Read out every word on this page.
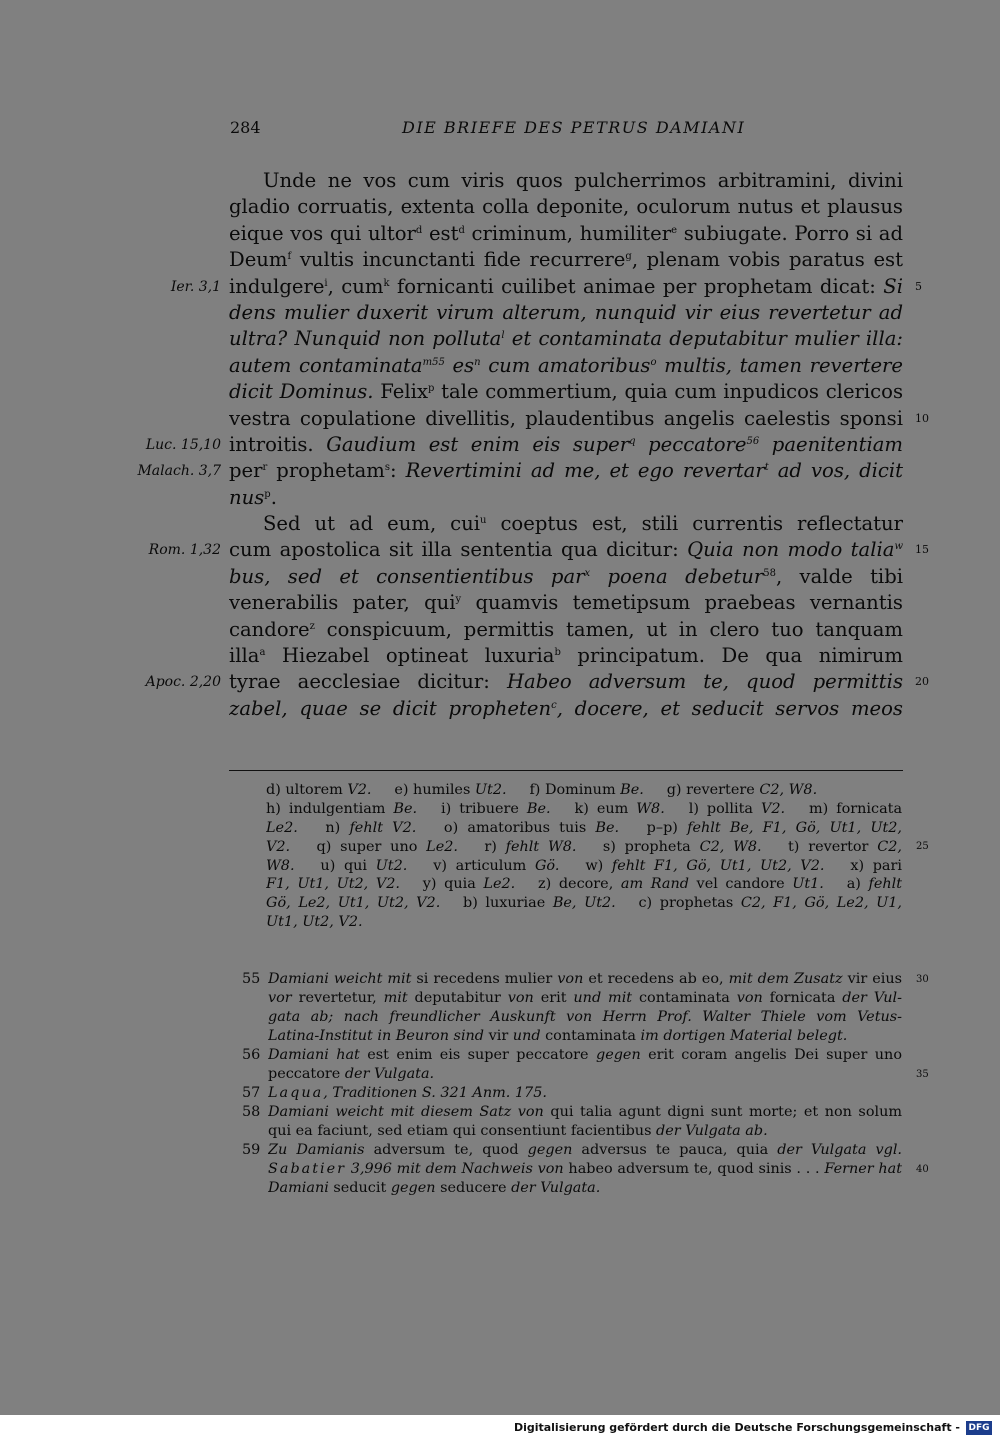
284	DIE BRIEFE DES PETRUS DAMIANI
Unde ne vos cum viris quos pulcherrimos arbitramini, divini
gladio corruatis, extenta colla deponite, oculorum nutus et plausus
eique vos qui ultor$^d$ est$^d$ criminum, humiliter$^e$ subiugate. Porro si ad
Deum$^f$ vultis incunctanti fide recurrere$^g$, plenam vobis paratus est
Ier. 3,1 indulgere$^i$, cum$^k$ fornicanti cuilibet animae per prophetam dicat: Si 5
dens mulier duxerit virum alterum, nunquid vir eius revertetur ad
ultra? Nunquid non polluta$^l$ et contaminata deputabitur mulier illa:
autem contaminata$^{m55}$ $es^n$ cum amatoribus$^o$ multis, tamen revertere
dicit Dominus. Felix$^p$ tale commertium, quia cum inpudicos clericos
vestra copulatione divellitis, plaudentibus angelis caelestis sponsi 10
Luc. 15,10 introitis. Gaudium est enim eis super$^q$ peccatore$^{56}$ paenitentiam
Malach. 3,7 per$^r$ prophetam$^s$: Revertimini ad me, et ego revertar$^t$ ad vos, dicit
nus$^p$.
Sed ut ad eum, cui$^u$ coeptus est, stili currentis reflectatur
Rom. 1,32 cum apostolica sit illa sententia qua dicitur: Quia non modo talia$^w$ 15
bus, sed et consentientibus par$^x$ poena debetur$^{58}$, valde tibi
venerabilis pater, qui$^y$ quamvis temetipsum praebeas vernantis
candore$^z$ conspicuum, permittis tamen, ut in clero tuo tanquam
illa$^a$ Hiezabel optineat luxuria$^b$ principatum. De qua nimirum
Apoc. 2,20 tyrae aecclesiae dicitur: Habeo adversum te, quod permittis 20
zabel, quae se dicit propheten$^c$, docere, et seducit servos meos
d) ultorem V2.     e) humiles Ut2.     f) Dominum Be.     g) revertere C2, W8.
h) indulgentiam Be.   i) tribuere Be.   k) eum W8.   l) pollita V2.   m) fornicata
Le2.   n) fehlt V2.   o) amatoribus tuis Be.   p–p) fehlt Be, F1, Gö, Ut1, Ut2,
V2.   q) super uno Le2.   r) fehlt W8.   s) propheta C2, W8.   t) revertor C2, 25
W8.   u) qui Ut2.   v) articulum Gö.   w) fehlt F1, Gö, Ut1, Ut2, V2.   x) pari
F1, Ut1, Ut2, V2.   y) quia Le2.   z) decore, am Rand vel candore Ut1.   a) fehlt
Gö, Le2, Ut1, Ut2, V2.   b) luxuriae Be, Ut2.   c) prophetas C2, F1, Gö, Le2, U1,
Ut1, Ut2, V2.
55 Damiani weicht mit si recedens mulier von et recedens ab eo, mit dem Zusatz vir eius 30
vor revertetur, mit deputabitur von erit und mit contaminata von fornicata der Vul-
gata ab; nach freundlicher Auskunft von Herrn Prof. Walter Thiele vom Vetus-
Latina-Institut in Beuron sind vir und contaminata im dortigen Material belegt.
56 Damiani hat est enim eis super peccatore gegen erit coram angelis Dei super uno
peccatore der Vulgata.	35
57 Laqua, Traditionen S. 321 Anm. 175.
58 Damiani weicht mit diesem Satz von qui talia agunt digni sunt morte; et non solum
qui ea faciunt, sed etiam qui consentiunt facientibus der Vulgata ab.
59 Zu Damianis adversum te, quod gegen adversus te pauca, quia der Vulgata vgl.
Sabatier 3,996 mit dem Nachweis von habeo adversum te, quod sinis . . . Ferner hat 40
Damiani seducit gegen seducere der Vulgata.
Digitalisierung gefördert durch die Deutsche Forschungsgemeinschaft - DFG
